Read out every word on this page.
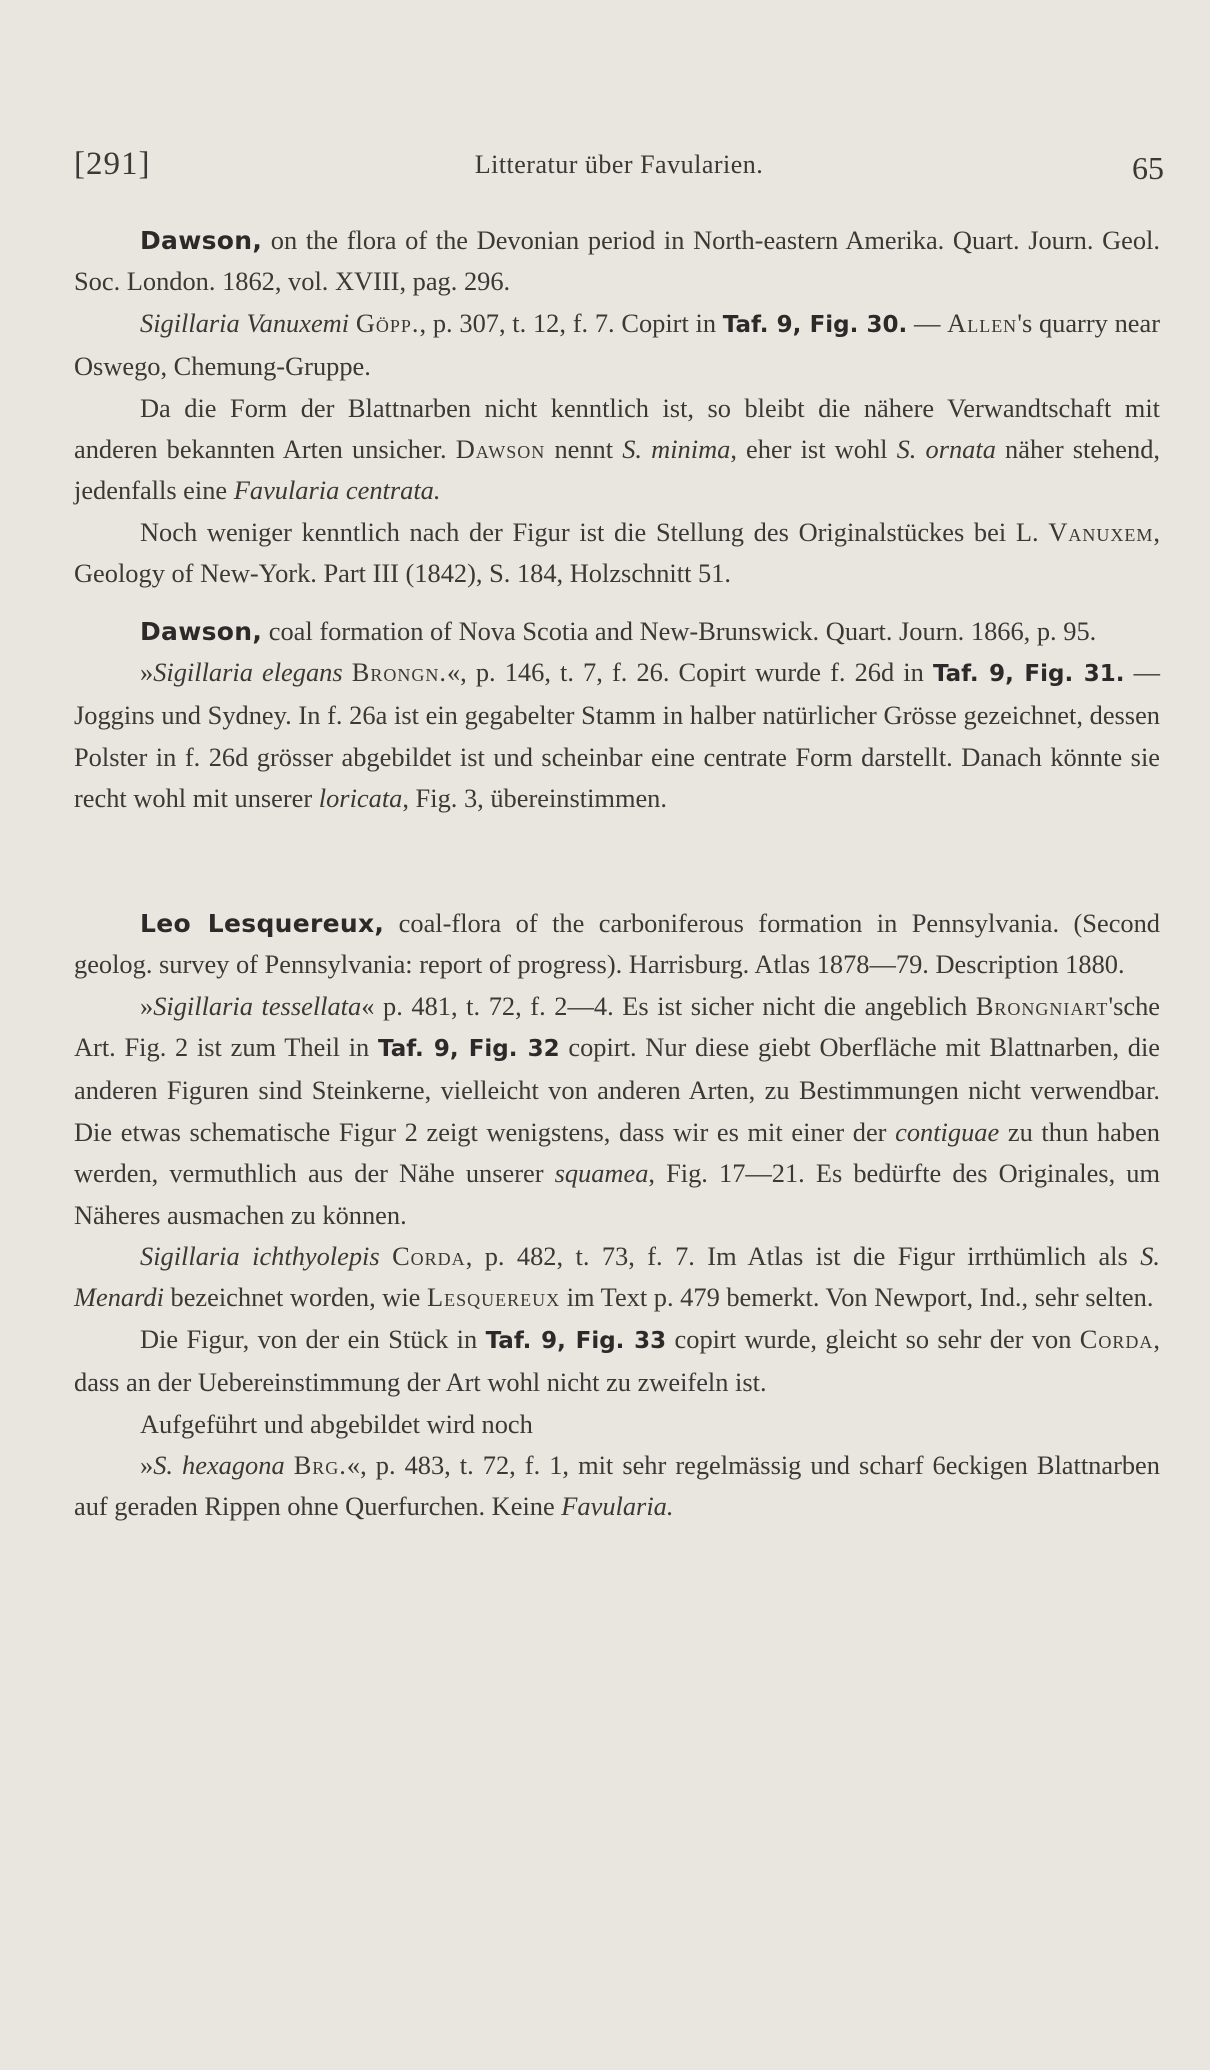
[291]	Litteratur über Favularien.	65

Dawson, on the flora of the Devonian period in North-eastern Amerika. Quart. Journ. Geol. Soc. London. 1862, vol. XVIII, pag. 296.

Sigillaria Vanuxemi Göpp., p. 307, t. 12, f. 7. Copirt in Taf. 9, Fig. 30. — Allen's quarry near Oswego, Chemung-Gruppe.

Da die Form der Blattnarben nicht kenntlich ist, so bleibt die nähere Verwandtschaft mit anderen bekannten Arten unsicher. Dawson nennt S. minima, eher ist wohl S. ornata näher stehend, jedenfalls eine Favularia centrata.

Noch weniger kenntlich nach der Figur ist die Stellung des Originalstückes bei L. Vanuxem, Geology of New-York. Part III (1842), S. 184, Holzschnitt 51.

Dawson, coal formation of Nova Scotia and New-Brunswick. Quart. Journ. 1866, p. 95.

»Sigillaria elegans Brongn.«, p. 146, t. 7, f. 26. Copirt wurde f. 26d in Taf. 9, Fig. 31. — Joggins und Sydney. In f. 26a ist ein gegabelter Stamm in halber natürlicher Grösse gezeichnet, dessen Polster in f. 26d grösser abgebildet ist und scheinbar eine centrate Form darstellt. Danach könnte sie recht wohl mit unserer loricata, Fig. 3, übereinstimmen.

Leo Lesquereux, coal-flora of the carboniferous formation in Pennsylvania. (Second geolog. survey of Pennsylvania: report of progress). Harrisburg. Atlas 1878—79. Description 1880.

»Sigillaria tessellata« p. 481, t. 72, f. 2—4. Es ist sicher nicht die angeblich Brongniart'sche Art. Fig. 2 ist zum Theil in Taf. 9, Fig. 32 copirt. Nur diese giebt Oberfläche mit Blattnarben, die anderen Figuren sind Steinkerne, vielleicht von anderen Arten, zu Bestimmungen nicht verwendbar. Die etwas schematische Figur 2 zeigt wenigstens, dass wir es mit einer der contiguae zu thun haben werden, vermuthlich aus der Nähe unserer squamea, Fig. 17—21. Es bedürfte des Originales, um Näheres ausmachen zu können.

Sigillaria ichthyolepis Corda, p. 482, t. 73, f. 7. Im Atlas ist die Figur irrthümlich als S. Menardi bezeichnet worden, wie Lesquereux im Text p. 479 bemerkt. Von Newport, Ind., sehr selten.

Die Figur, von der ein Stück in Taf. 9, Fig. 33 copirt wurde, gleicht so sehr der von Corda, dass an der Uebereinstimmung der Art wohl nicht zu zweifeln ist.

Aufgeführt und abgebildet wird noch

»S. hexagona Brg.«, p. 483, t. 72, f. 1, mit sehr regelmässig und scharf 6eckigen Blattnarben auf geraden Rippen ohne Querfurchen. Keine Favularia.
